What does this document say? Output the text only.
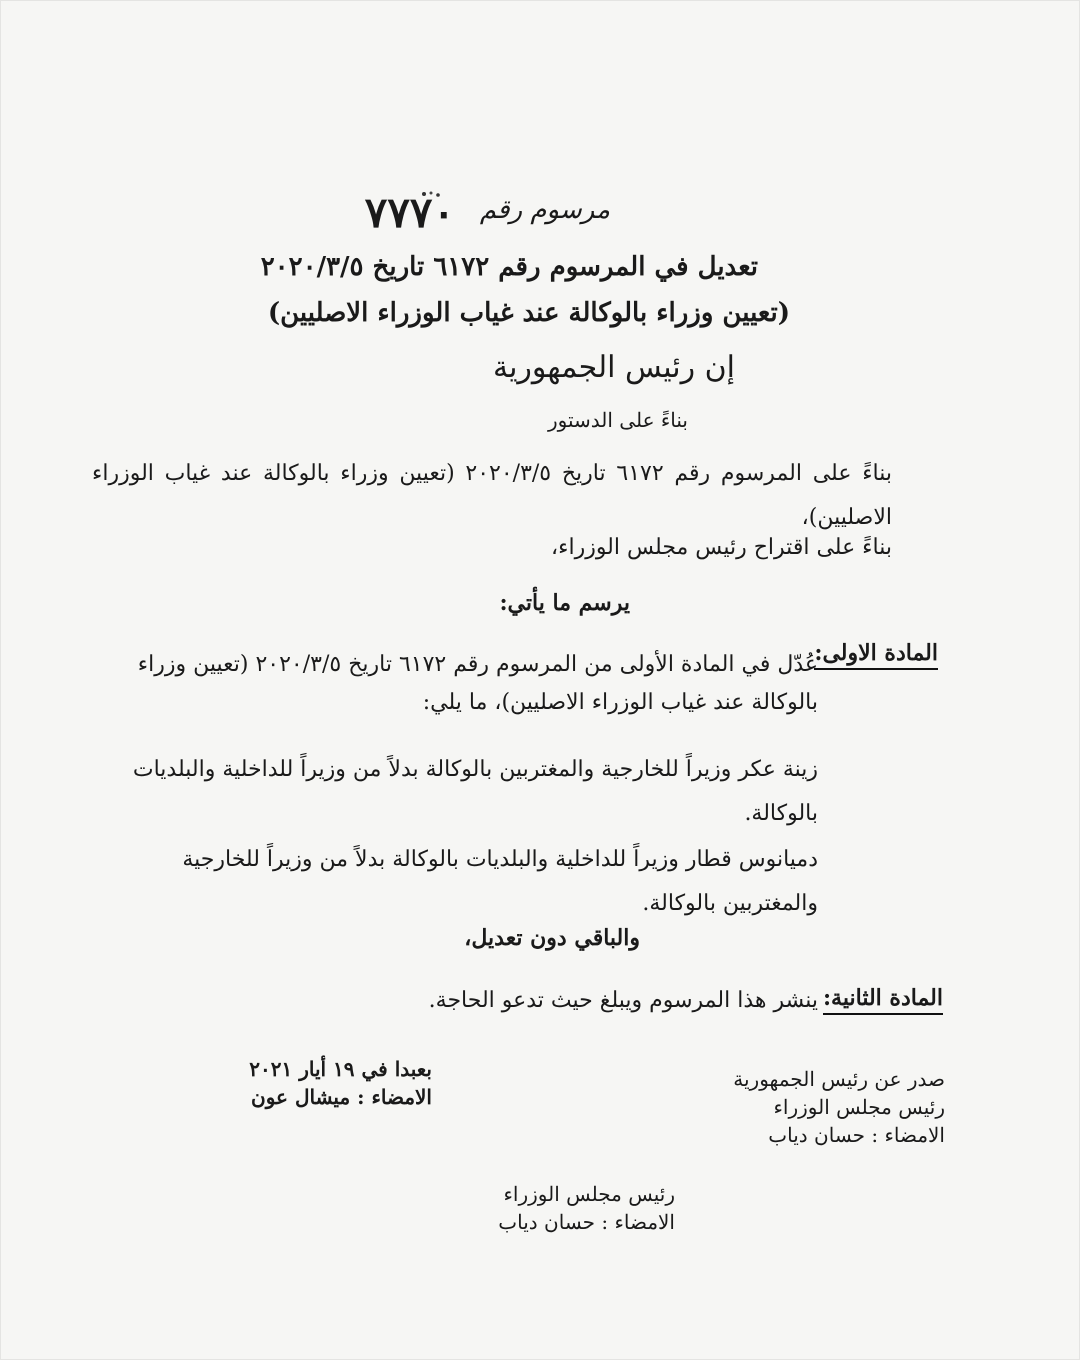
مرسوم رقم
٧٧٧٠
تعديل في المرسوم رقم ٦١٧٢ تاريخ ٢٠٢٠/٣/٥
(تعيين وزراء بالوكالة عند غياب الوزراء الاصليين)
إن رئيس الجمهورية
بناءً على الدستور
بناءً على المرسوم رقم ٦١٧٢ تاريخ ٢٠٢٠/٣/٥ (تعيين وزراء بالوكالة عند غياب الوزراء الاصليين)،
بناءً على اقتراح رئيس مجلس الوزراء،
يرسم ما يأتي:
المادة الاولى:
عُدّل في المادة الأولى من المرسوم رقم ٦١٧٢ تاريخ ٢٠٢٠/٣/٥ (تعيين وزراء
بالوكالة عند غياب الوزراء الاصليين)، ما يلي:
زينة عكر وزيراً للخارجية والمغتربين بالوكالة بدلاً من وزيراً للداخلية والبلديات بالوكالة.
دميانوس قطار وزيراً للداخلية والبلديات بالوكالة بدلاً من وزيراً للخارجية والمغتربين بالوكالة.
والباقي دون تعديل،
المادة الثانية:
ينشر هذا المرسوم ويبلغ حيث تدعو الحاجة.
صدر عن رئيس الجمهورية
رئيس مجلس الوزراء
الامضاء : حسان دياب
بعبدا في ١٩ أيار ٢٠٢١
الامضاء : ميشال عون
رئيس مجلس الوزراء
الامضاء : حسان دياب
